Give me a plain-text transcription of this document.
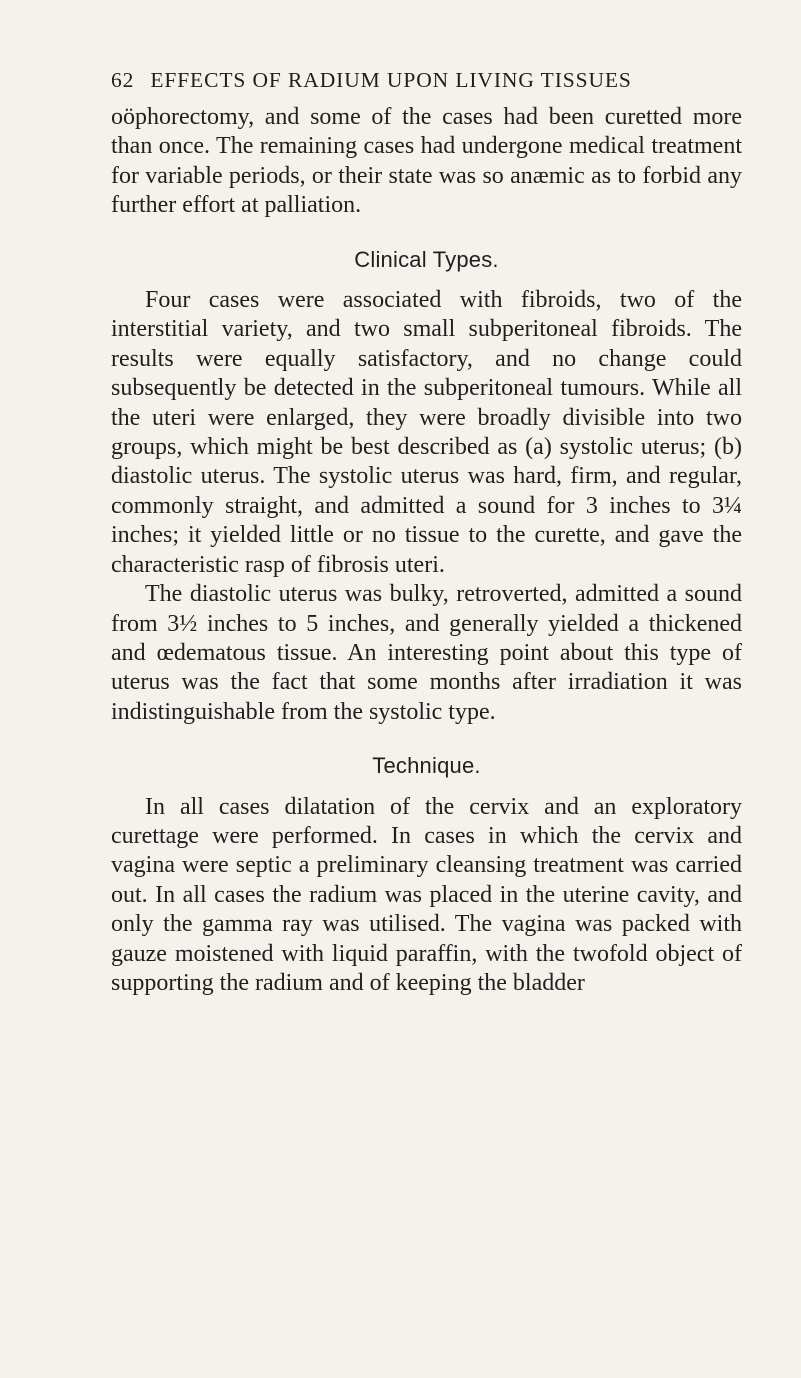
62 EFFECTS OF RADIUM UPON LIVING TISSUES

oöphorectomy, and some of the cases had been curetted more than once. The remaining cases had undergone medical treatment for variable periods, or their state was so anæmic as to forbid any further effort at palliation.

Clinical Types.

Four cases were associated with fibroids, two of the interstitial variety, and two small subperitoneal fibroids. The results were equally satisfactory, and no change could subsequently be detected in the subperitoneal tumours. While all the uteri were enlarged, they were broadly divisible into two groups, which might be best described as (a) systolic uterus; (b) diastolic uterus. The systolic uterus was hard, firm, and regular, commonly straight, and admitted a sound for 3 inches to 3¼ inches; it yielded little or no tissue to the curette, and gave the characteristic rasp of fibrosis uteri.

The diastolic uterus was bulky, retroverted, admitted a sound from 3½ inches to 5 inches, and generally yielded a thickened and œdematous tissue. An interesting point about this type of uterus was the fact that some months after irradiation it was indistinguishable from the systolic type.

Technique.

In all cases dilatation of the cervix and an exploratory curettage were performed. In cases in which the cervix and vagina were septic a preliminary cleansing treatment was carried out. In all cases the radium was placed in the uterine cavity, and only the gamma ray was utilised. The vagina was packed with gauze moistened with liquid paraffin, with the twofold object of supporting the radium and of keeping the bladder
